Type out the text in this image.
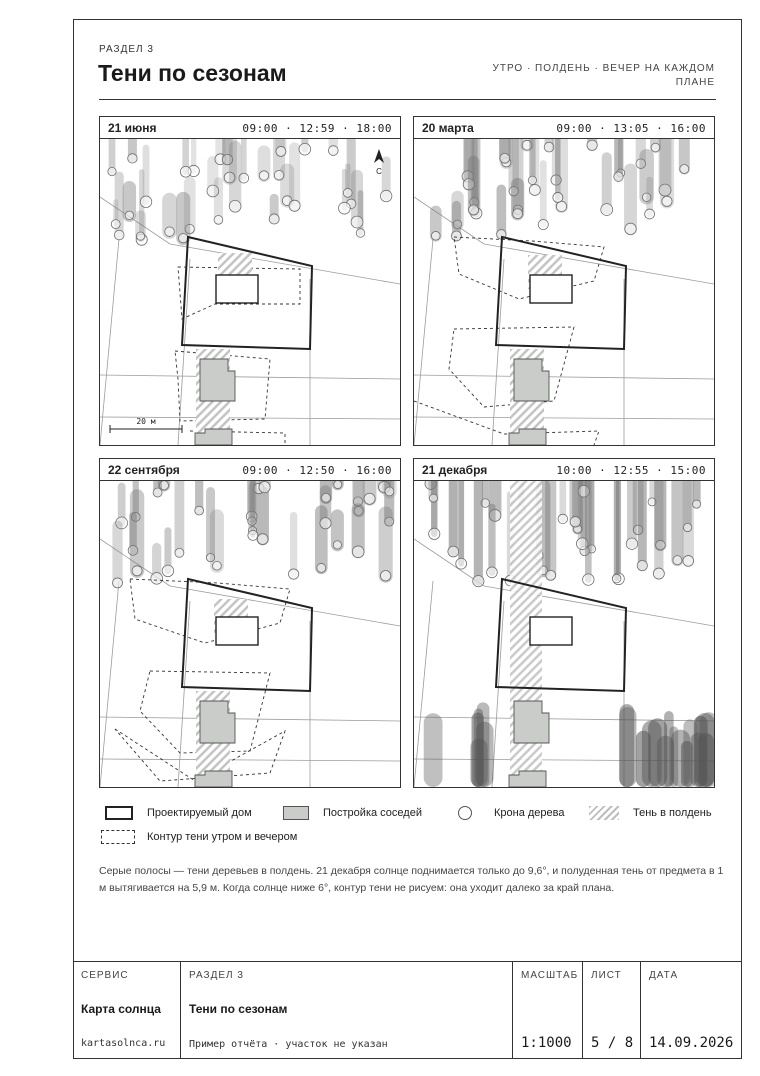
РАЗДЕЛ 3
Тени по сезонам	УТРО · ПОЛДЕНЬ · ВЕЧЕР НА КАЖДОМ ПЛАНЕ
21 июня	09:00 · 12:59 · 18:00
С
20 м
20 марта	09:00 · 13:05 · 16:00
22 сентября	09:00 · 12:50 · 16:00	21 декабря	10:00 · 12:55 · 15:00
Проектируемый дом	Постройка соседей	Крона дерева	Тень в полдень
Контур тени утром и вечером
Серые полосы — тени деревьев в полдень. 21 декабря солнце поднимается только до 9,6°, и полуденная тень от предмета в 1 м вытягивается на 5,9 м. Когда солнце ниже 6°, контур тени не рисуем: она уходит далеко за край плана.
СЕРВИС
Карта солнца
kartasolnca.ru
РАЗДЕЛ 3
Тени по сезонам
Пример отчёта · участок не указан
МАСШТАБ
1:1000
ЛИСТ
5 / 8
ДАТА
14.09.2026
